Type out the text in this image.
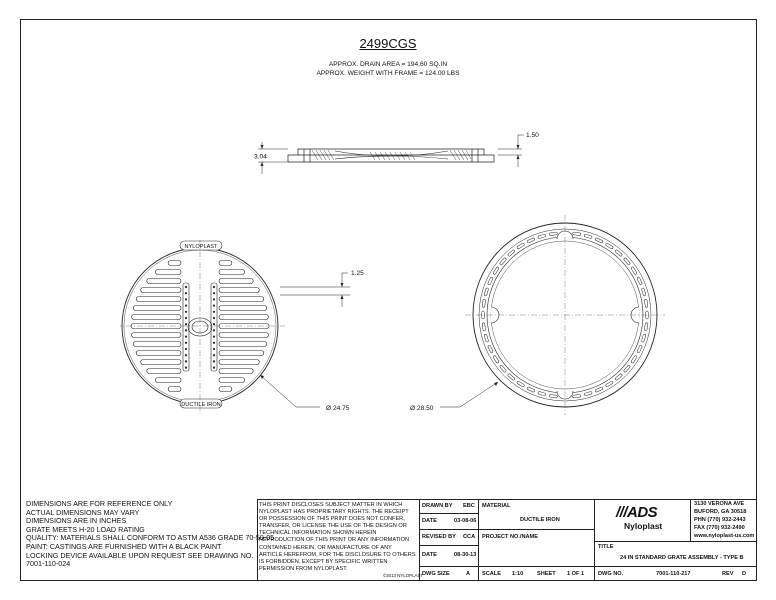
2499CGS
APPROX. DRAIN AREA = 194.60 SQ.IN
APPROX. WEIGHT WITH FRAME = 124.00 LBS
3.04
1.50
NYLOPLAST
DUCTILE IRON
1.25
Ø 24.75	Ø 28.50
DIMENSIONS ARE FOR REFERENCE ONLY
ACTUAL DIMENSIONS MAY VARY
DIMENSIONS ARE IN INCHES
GRATE MEETS H-20 LOAD RATING
QUALITY: MATERIALS SHALL CONFORM TO ASTM A536 GRADE 70-50-05
PAINT: CASTINGS ARE FURNISHED WITH A BLACK PAINT
LOCKING DEVICE AVAILABLE UPON REQUEST SEE DRAWING NO.
7001-110-024
THIS PRINT DISCLOSES SUBJECT MATTER IN WHICH
NYLOPLAST HAS PROPRIETARY RIGHTS. THE RECEIPT
OR POSSESSION OF THIS PRINT DOES NOT CONFER,
TRANSFER, OR LICENSE THE USE OF THE DESIGN OR
TECHNICAL INFORMATION SHOWN HEREIN
REPRODUCTION OF THIS PRINT OR ANY INFORMATION
CONTAINED HEREIN, OR MANUFACTURE OF ANY
ARTICLE HEREFROM, FOR THE DISCLOSURE TO OTHERS
IS FORBIDDEN, EXCEPT BY SPECIFIC WRITTEN
PERMISSION FROM NYLOPLAST.
©2013 NYLOPLAST
DRAWN BY EBC
DATE	03-08-06
REVISED BY CCA
DATE	08-30-13
DWG SIZE	A
MATERIAL
DUCTILE IRON
PROJECT NO./NAME
SCALE 1:10 SHEET 1 OF 1
///ADS
Nyloplast
3130 VERONA AVE
BUFORD, GA 30518
PHN (770) 932-2443
FAX (770) 932-2490
www.nyloplast-us.com
TITLE
24 IN STANDARD GRATE ASSEMBLY - TYPE B
DWG NO.	7001-110-217	REV D
